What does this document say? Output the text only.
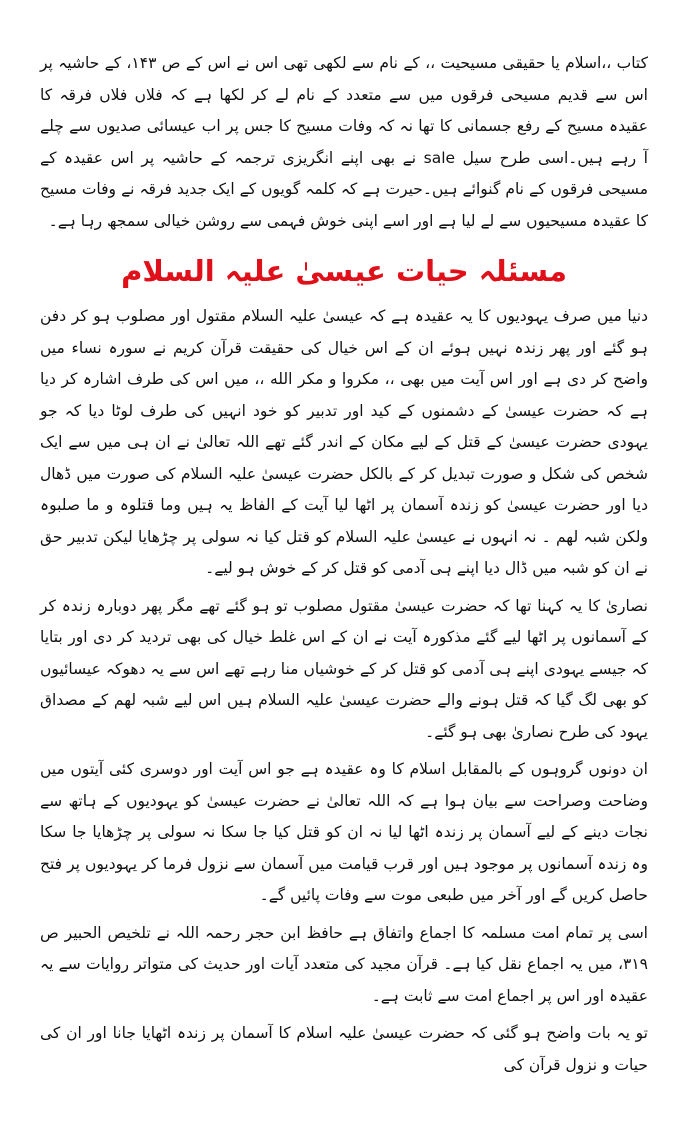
کتاب ،،اسلام یا حقیقی مسیحیت ،، کے نام سے لکھی تھی اس نے اس کے ص ۱۴۳، کے حاشیہ پر اس سے قدیم مسیحی فرقوں میں سے متعدد کے نام لے کر لکھا ہے کہ فلاں فلاں فرقہ کا عقیدہ مسیح کے رفع جسمانی کا تھا نہ کہ وفات مسیح کا جس پر اب عیسائی صدیوں سے چلے آ رہے ہیں۔اسی طرح سیل sale نے بھی اپنے انگریزی ترجمہ کے حاشیہ پر اس عقیدہ کے مسیحی فرقوں کے نام گنوائے ہیں۔حیرت ہے کہ کلمہ گویوں کے ایک جدید فرقہ نے وفات مسیح کا عقیدہ مسیحیوں سے لے لیا ہے اور اسے اپنی خوش فہمی سے روشن خیالی سمجھ رہا ہے۔

مسئلہ حیات عیسیٰ علیہ السلام

دنیا میں صرف یہودیوں کا یہ عقیدہ ہے کہ عیسیٰ علیہ السلام مقتول اور مصلوب ہو کر دفن ہو گئے اور پھر زندہ نہیں ہوئے ان کے اس خیال کی حقیقت قرآن کریم نے سورہ نساء میں واضح کر دی ہے اور اس آیت میں بھی ،، مکروا و مکر الله ،، میں اس کی طرف اشارہ کر دیا ہے کہ حضرت عیسیٰ کے دشمنوں کے کید اور تدبیر کو خود انہیں کی طرف لوٹا دیا کہ جو یہودی حضرت عیسیٰ کے قتل کے لیے مکان کے اندر گئے تھے اللہ تعالیٰ نے ان ہی میں سے ایک شخص کی شکل و صورت تبدیل کر کے بالکل حضرت عیسیٰ علیہ السلام کی صورت میں ڈھال دیا اور حضرت عیسیٰ کو زندہ آسمان پر اٹھا لیا آیت کے الفاظ یہ ہیں وما قتلوہ و ما صلبوہ ولکن شبہ لھم ۔ نہ انہوں نے عیسیٰ علیہ السلام کو قتل کیا نہ سولی پر چڑھایا لیکن تدبیر حق نے ان کو شبہ میں ڈال دیا اپنے ہی آدمی کو قتل کر کے خوش ہو لیے۔

نصاریٰ کا یہ کہنا تھا کہ حضرت عیسیٰ مقتول مصلوب تو ہو گئے تھے مگر پھر دوبارہ زندہ کر کے آسمانوں پر اٹھا لیے گئے مذکورہ آیت نے ان کے اس غلط خیال کی بھی تردید کر دی اور بتایا کہ جیسے یہودی اپنے ہی آدمی کو قتل کر کے خوشیاں منا رہے تھے اس سے یہ دھوکہ عیسائیوں کو بھی لگ گیا کہ قتل ہونے والے حضرت عیسیٰ علیہ السلام ہیں اس لیے شبہ لھم کے مصداق یہود کی طرح نصاریٰ بھی ہو گئے۔

ان دونوں گروہوں کے بالمقابل اسلام کا وہ عقیدہ ہے جو اس آیت اور دوسری کئی آیتوں میں وضاحت وصراحت سے بیان ہوا ہے کہ اللہ تعالیٰ نے حضرت عیسیٰ کو یہودیوں کے ہاتھ سے نجات دینے کے لیے آسمان پر زندہ اٹھا لیا نہ ان کو قتل کیا جا سکا نہ سولی پر چڑھایا جا سکا وہ زندہ آسمانوں پر موجود ہیں اور قرب قیامت میں آسمان سے نزول فرما کر یہودیوں پر فتح حاصل کریں گے اور آخر میں طبعی موت سے وفات پائیں گے۔

اسی پر تمام امت مسلمہ کا اجماع واتفاق ہے حافظ ابن حجر رحمہ اللہ نے تلخیص الحبیر ص ۳۱۹، میں یہ اجماع نقل کیا ہے۔ قرآن مجید کی متعدد آیات اور حدیث کی متواتر روایات سے یہ عقیدہ اور اس پر اجماع امت سے ثابت ہے۔

تو یہ بات واضح ہو گئی کہ حضرت عیسیٰ علیہ اسلام کا آسمان پر زندہ اٹھایا جانا اور ان کی حیات و نزول قرآن کی
